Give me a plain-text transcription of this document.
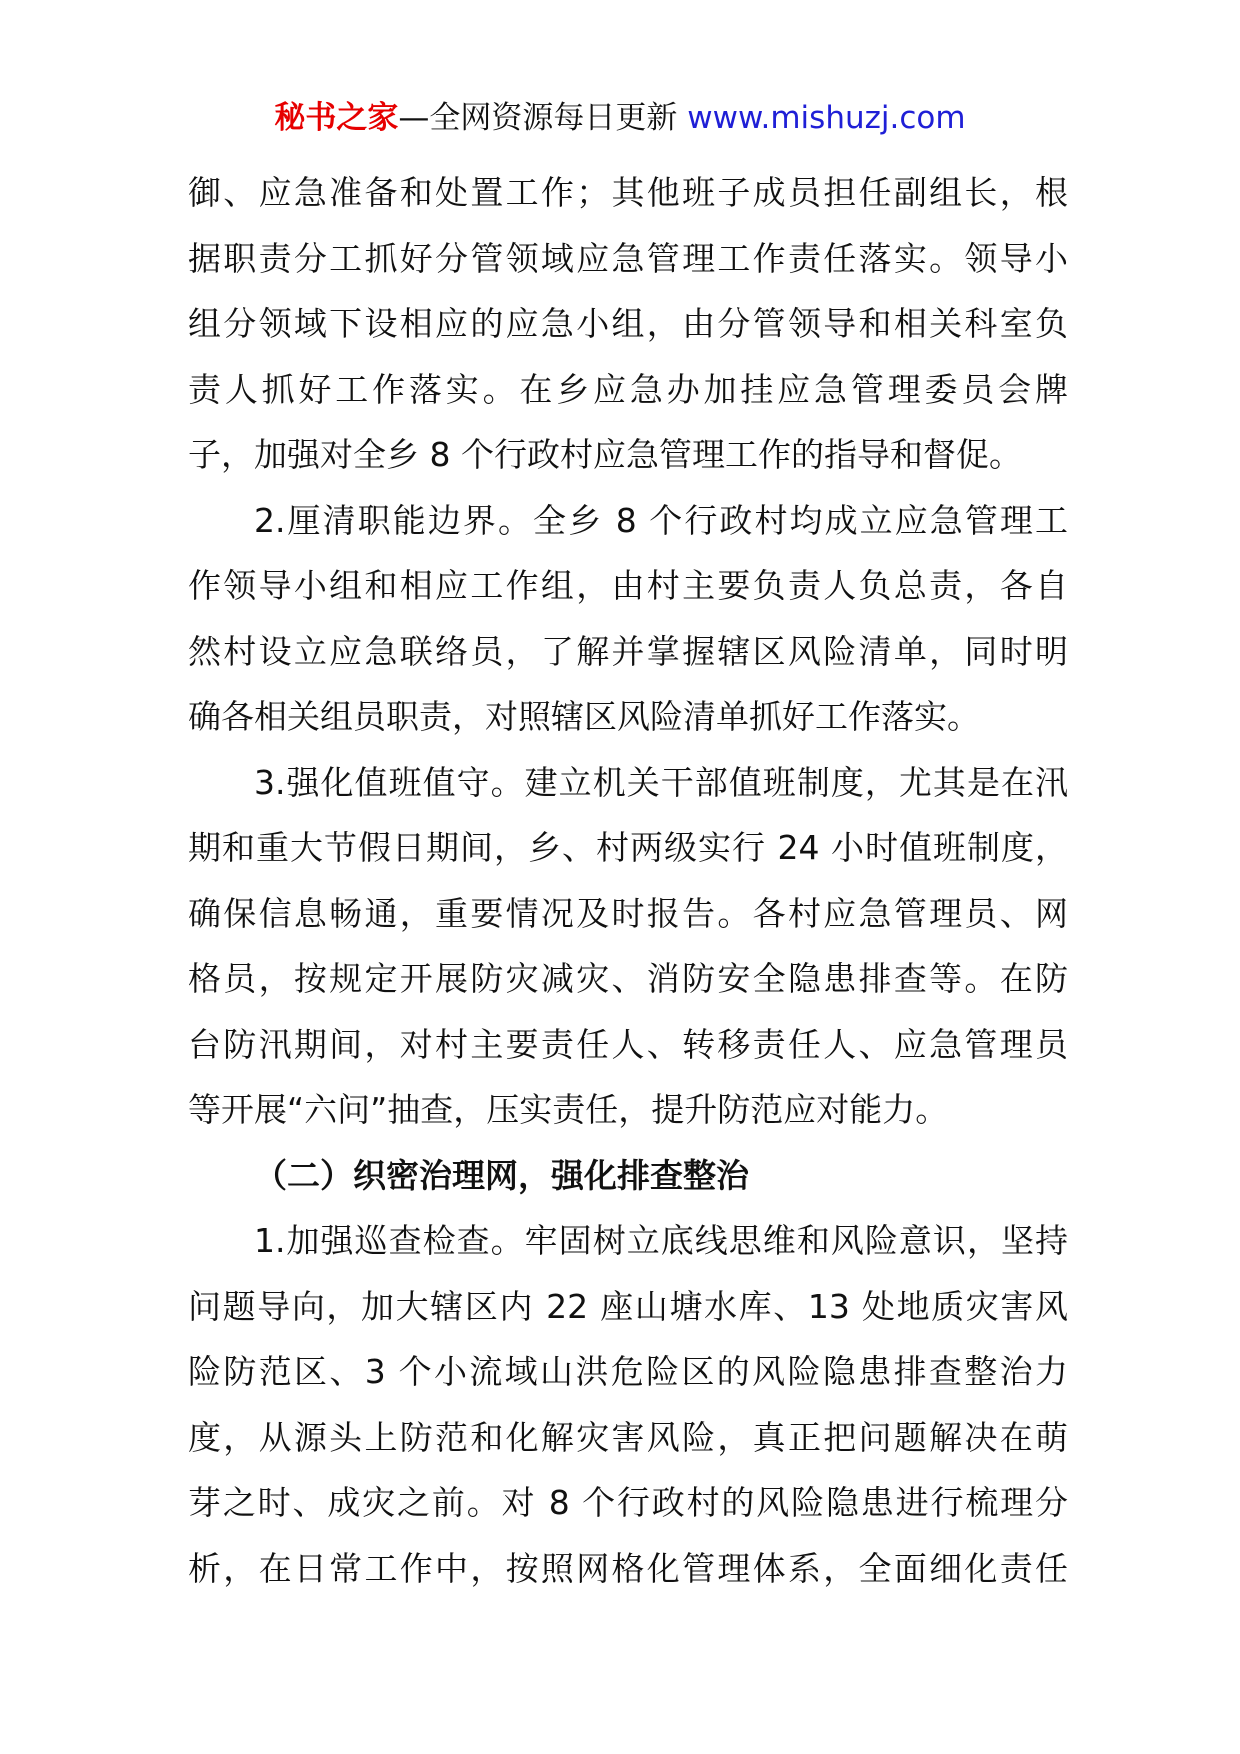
秘书之家—全网资源每日更新 www.mishuzj.com
御、应急准备和处置工作；其他班子成员担任副组长，根
据职责分工抓好分管领域应急管理工作责任落实。领导小
组分领域下设相应的应急小组，由分管领导和相关科室负
责人抓好工作落实。在乡应急办加挂应急管理委员会牌
子，加强对全乡 8 个行政村应急管理工作的指导和督促。
2.厘清职能边界。全乡 8 个行政村均成立应急管理工
作领导小组和相应工作组，由村主要负责人负总责，各自
然村设立应急联络员，了解并掌握辖区风险清单，同时明
确各相关组员职责，对照辖区风险清单抓好工作落实。
3.强化值班值守。建立机关干部值班制度，尤其是在汛
期和重大节假日期间，乡、村两级实行 24 小时值班制度，
确保信息畅通，重要情况及时报告。各村应急管理员、网
格员，按规定开展防灾减灾、消防安全隐患排查等。在防
台防汛期间，对村主要责任人、转移责任人、应急管理员
等开展“六问”抽查，压实责任，提升防范应对能力。
（二）织密治理网，强化排查整治
1.加强巡查检查。牢固树立底线思维和风险意识，坚持
问题导向，加大辖区内 22 座山塘水库、13 处地质灾害风
险防范区、3 个小流域山洪危险区的风险隐患排查整治力
度，从源头上防范和化解灾害风险，真正把问题解决在萌
芽之时、成灾之前。对 8 个行政村的风险隐患进行梳理分
析，在日常工作中，按照网格化管理体系，全面细化责任
